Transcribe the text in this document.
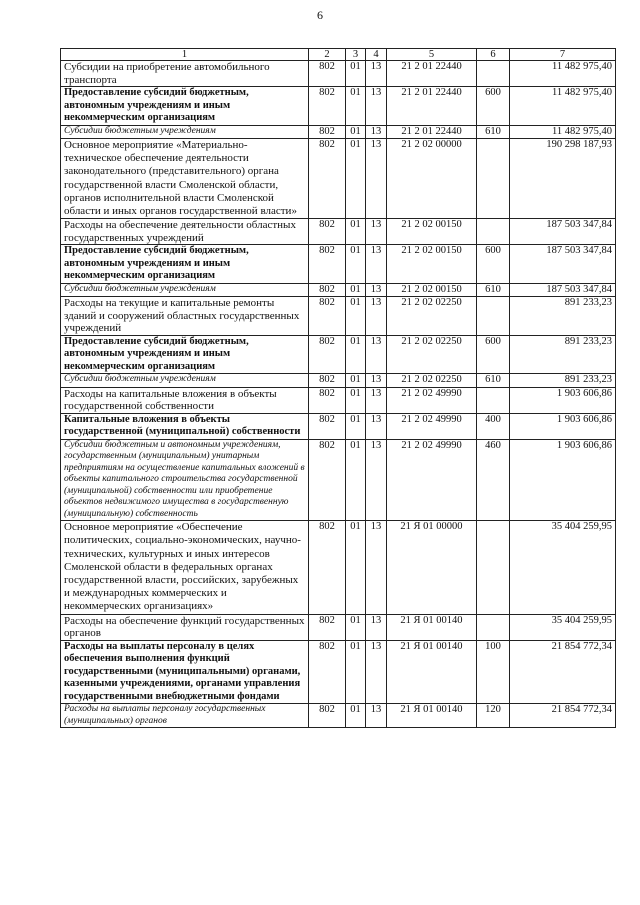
6
1	2	3	4	5	6	7
Субсидии на приобретение автомобильного транспорта	802	01	13	21 2 01 22440		11 482 975,40
Предоставление субсидий бюджетным, автономным учреждениям и иным некоммерческим организациям	802	01	13	21 2 01 22440	600	11 482 975,40
Субсидии бюджетным учреждениям	802	01	13	21 2 01 22440	610	11 482 975,40
Основное мероприятие «Материально-техническое обеспечение деятельности законодательного (представительного) органа государственной власти Смоленской области, органов исполнительной власти Смоленской области и иных органов государственной власти»	802	01	13	21 2 02 00000		190 298 187,93
Расходы на обеспечение деятельности областных государственных учреждений	802	01	13	21 2 02 00150		187 503 347,84
Предоставление субсидий бюджетным, автономным учреждениям и иным некоммерческим организациям	802	01	13	21 2 02 00150	600	187 503 347,84
Субсидии бюджетным учреждениям	802	01	13	21 2 02 00150	610	187 503 347,84
Расходы на текущие и капитальные ремонты зданий и сооружений областных государственных учреждений	802	01	13	21 2 02 02250		891 233,23
Предоставление субсидий бюджетным, автономным учреждениям и иным некоммерческим организациям	802	01	13	21 2 02 02250	600	891 233,23
Субсидии бюджетным учреждениям	802	01	13	21 2 02 02250	610	891 233,23
Расходы на капитальные вложения в объекты государственной собственности	802	01	13	21 2 02 49990		1 903 606,86
Капитальные вложения в объекты государственной (муниципальной) собственности	802	01	13	21 2 02 49990	400	1 903 606,86
Субсидии бюджетным и автономным учреждениям, государственным (муниципальным) унитарным предприятиям на осуществление капитальных вложений в объекты капитального строительства государственной (муниципальной) собственности или приобретение объектов недвижимого имущества в государственную (муниципальную) собственность	802	01	13	21 2 02 49990	460	1 903 606,86
Основное мероприятие «Обеспечение политических, социально-экономических, научно-технических, культурных и иных интересов Смоленской области в федеральных органах государственной власти, российских, зарубежных и международных коммерческих и некоммерческих организациях»	802	01	13	21 Я 01 00000		35 404 259,95
Расходы на обеспечение функций государственных органов	802	01	13	21 Я 01 00140		35 404 259,95
Расходы на выплаты персоналу в целях обеспечения выполнения функций государственными (муниципальными) органами, казенными учреждениями, органами управления государственными внебюджетными фондами	802	01	13	21 Я 01 00140	100	21 854 772,34
Расходы на выплаты персоналу государственных (муниципальных) органов	802	01	13	21 Я 01 00140	120	21 854 772,34
